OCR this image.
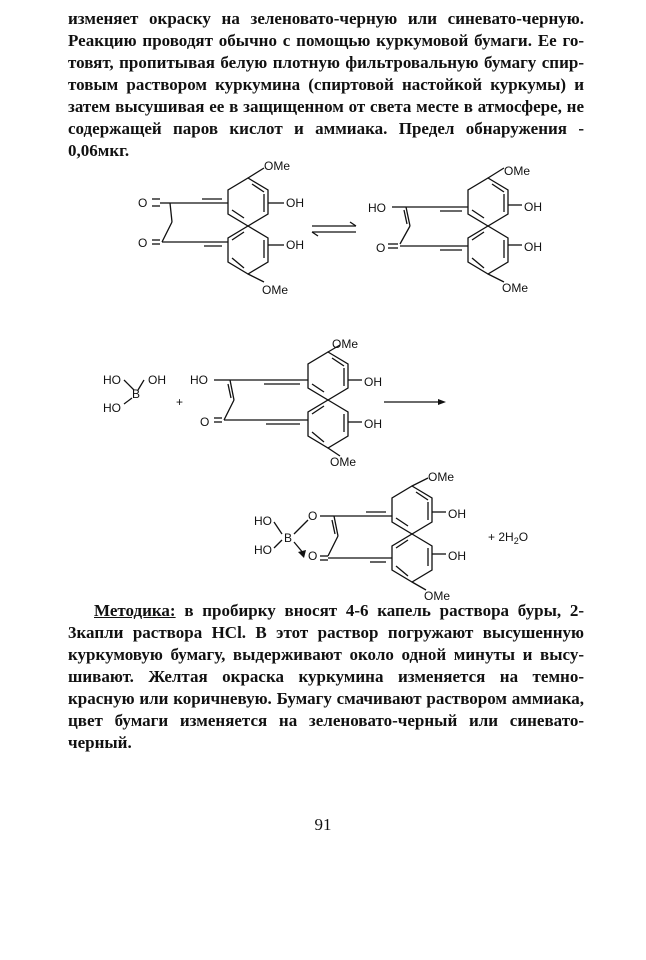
изменяет окраску на зеленовато-черную или синевато-черную.
Реакцию проводят обычно с помощью куркумовой бумаги. Ее го-
товят, пропитывая белую плотную фильтровальную бумагу спир-
товым раствором куркумина (спиртовой настойкой куркумы) и
затем высушивая ее в защищенном от света месте в атмосфере, не
содержащей паров кислот и аммиака. Предел обнаружения -
0,06мкг.
OMe
OH
OH
OMe
O
O
OMe
OH
OH
OMe
HO
O
HO OH
B
HO	+
OMe
OH
OH
OMe
HO
O
HO
HO
B
O
O
OMe
OH
OH
OMe
+ $2H_2O$
Методика: в пробирку вносят 4-6 капель раствора буры, 2-
3капли раствора HCl. В этот раствор погружают высушенную
куркумовую бумагу, выдерживают около одной минуты и высу-
шивают. Желтая окраска куркумина изменяется на темно-
красную или коричневую. Бумагу смачивают раствором аммиака,
цвет бумаги изменяется на зеленовато-черный или синевато-
черный.
91
